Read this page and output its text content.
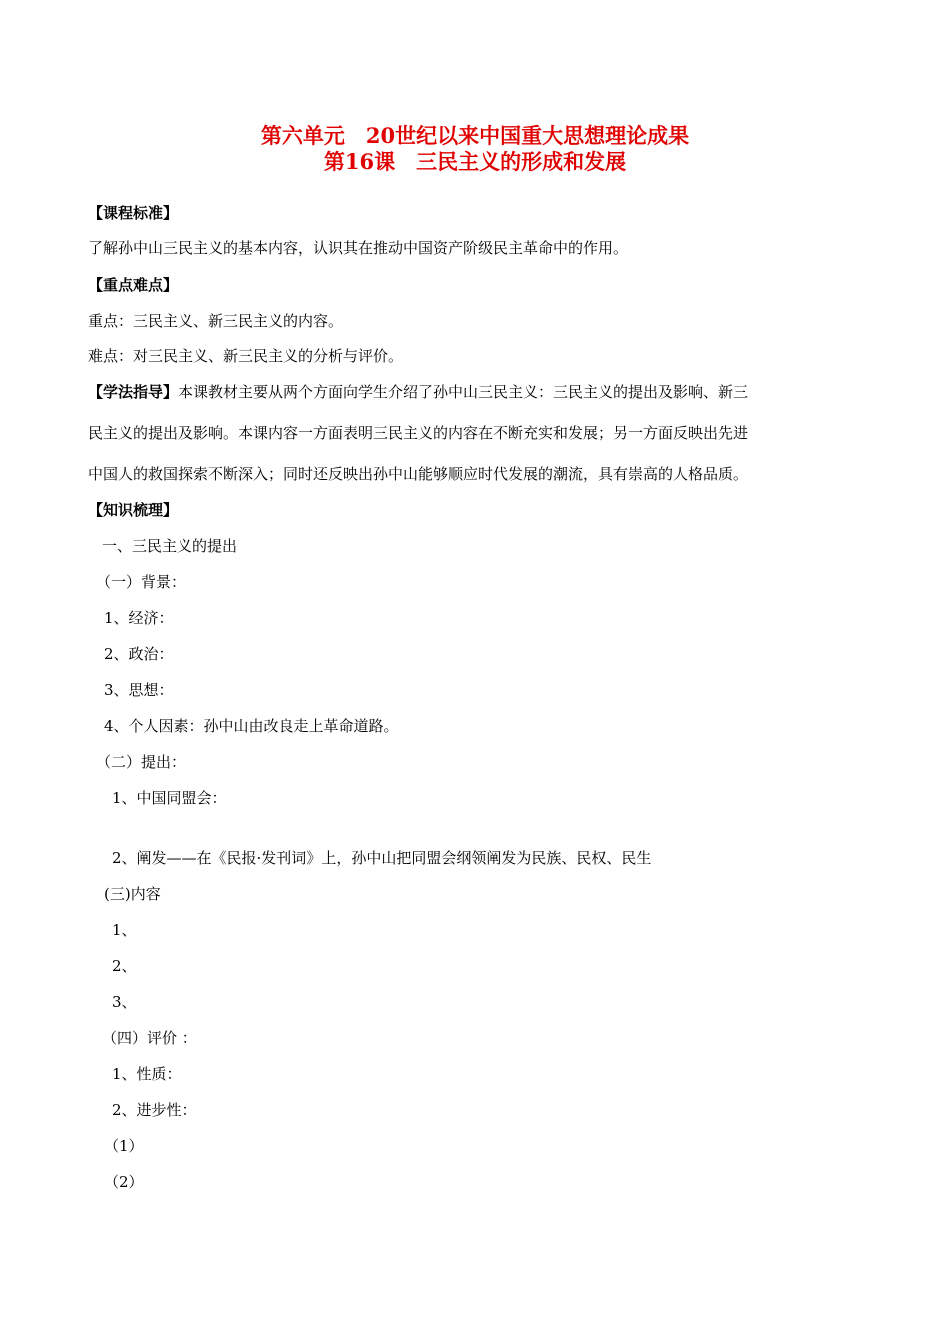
第六单元　20世纪以来中国重大思想理论成果
第16课　三民主义的形成和发展
【课程标准】
了解孙中山三民主义的基本内容，认识其在推动中国资产阶级民主革命中的作用。
【重点难点】
重点：三民主义、新三民主义的内容。
难点：对三民主义、新三民主义的分析与评价。
【学法指导】本课教材主要从两个方面向学生介绍了孙中山三民主义：三民主义的提出及影响、新三
民主义的提出及影响。本课内容一方面表明三民主义的内容在不断充实和发展；另一方面反映出先进
中国人的救国探索不断深入；同时还反映出孙中山能够顺应时代发展的潮流，具有崇高的人格品质。
【知识梳理】
一、三民主义的提出
（一）背景：
1、经济：
2、政治：
3、思想：
4、个人因素：孙中山由改良走上革命道路。
（二）提出：
1、中国同盟会：
2、阐发——在《民报·发刊词》上，孙中山把同盟会纲领阐发为民族、民权、民生
(三)内容
1、
2、
3、
（四）评价 ：
1、性质：
2、进步性：
（1）
（2）
